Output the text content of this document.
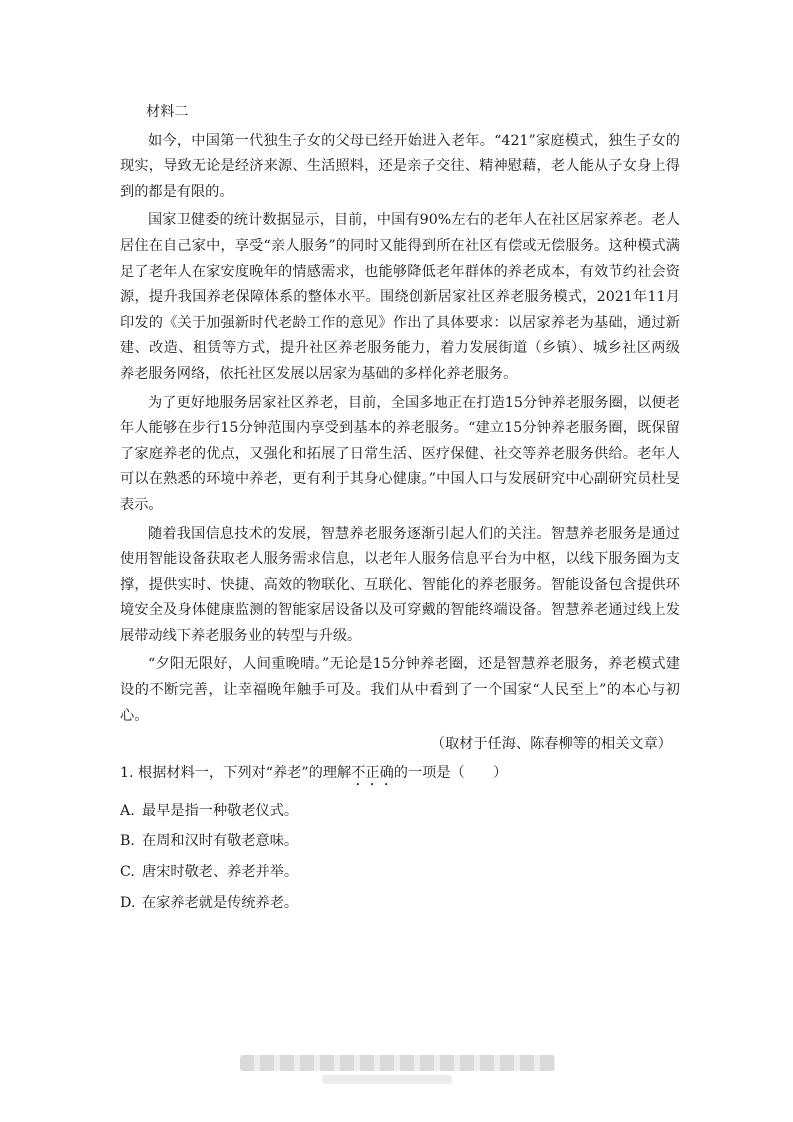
材料二

如今，中国第一代独生子女的父母已经开始进入老年。“421”家庭模式，独生子女的现实，导致无论是经济来源、生活照料，还是亲子交往、精神慰藉，老人能从子女身上得到的都是有限的。

国家卫健委的统计数据显示，目前，中国有90%左右的老年人在社区居家养老。老人居住在自己家中，享受“亲人服务”的同时又能得到所在社区有偿或无偿服务。这种模式满足了老年人在家安度晚年的情感需求，也能够降低老年群体的养老成本，有效节约社会资源，提升我国养老保障体系的整体水平。围绕创新居家社区养老服务模式，2021年11月印发的《关于加强新时代老龄工作的意见》作出了具体要求：以居家养老为基础，通过新建、改造、租赁等方式，提升社区养老服务能力，着力发展街道（乡镇）、城乡社区两级养老服务网络，依托社区发展以居家为基础的多样化养老服务。

为了更好地服务居家社区养老，目前，全国多地正在打造15分钟养老服务圈，以便老年人能够在步行15分钟范围内享受到基本的养老服务。“建立15分钟养老服务圈，既保留了家庭养老的优点，又强化和拓展了日常生活、医疗保健、社交等养老服务供给。老年人可以在熟悉的环境中养老，更有利于其身心健康。”中国人口与发展研究中心副研究员杜旻表示。

随着我国信息技术的发展，智慧养老服务逐渐引起人们的关注。智慧养老服务是通过使用智能设备获取老人服务需求信息，以老年人服务信息平台为中枢，以线下服务圈为支撑，提供实时、快捷、高效的物联化、互联化、智能化的养老服务。智能设备包含提供环境安全及身体健康监测的智能家居设备以及可穿戴的智能终端设备。智慧养老通过线上发展带动线下养老服务业的转型与升级。

“夕阳无限好，人间重晚晴。”无论是15分钟养老圈，还是智慧养老服务，养老模式建设的不断完善，让幸福晚年触手可及。我们从中看到了一个国家“人民至上”的本心与初心。

（取材于任海、陈春柳等的相关文章）

1. 根据材料一，下列对“养老”的理解不正确的一项是（　　）

A. 最早是指一种敬老仪式。
B. 在周和汉时有敬老意味。
C. 唐宋时敬老、养老并举。
D. 在家养老就是传统养老。
